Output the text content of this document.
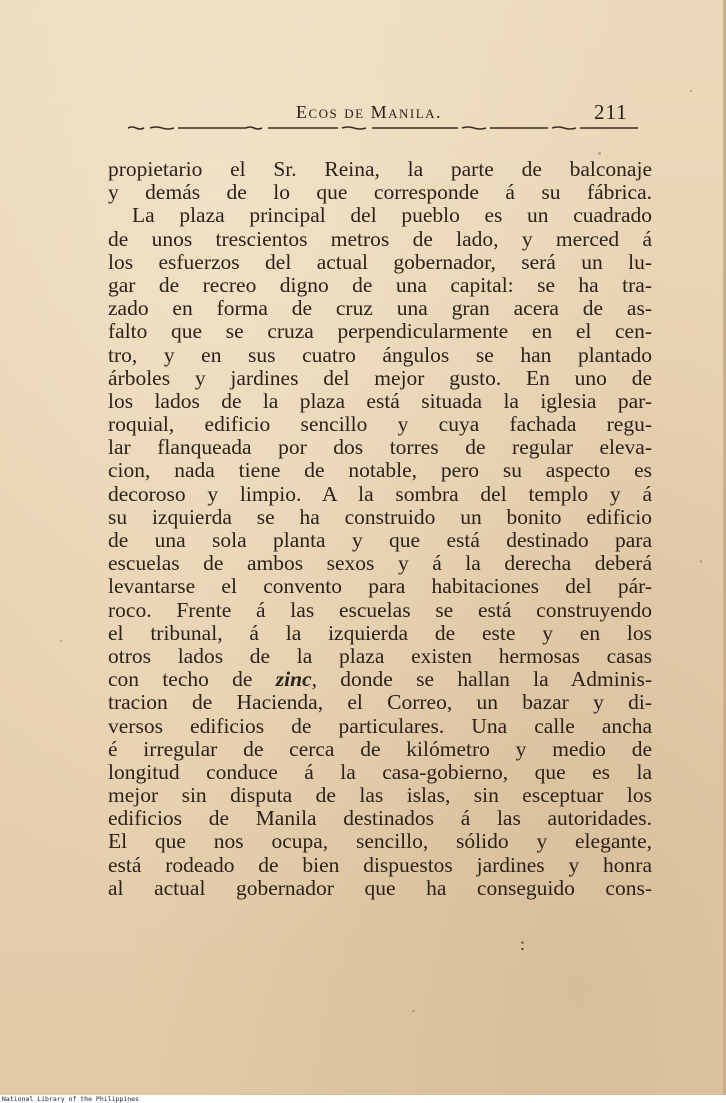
Ecos de Manila.	211
propietario el Sr. Reina, la parte de balconaje
y demás de lo que corresponde á su fábrica.
La plaza principal del pueblo es un cuadrado
de unos trescientos metros de lado, y merced á
los esfuerzos del actual gobernador, será un lu-
gar de recreo digno de una capital: se ha tra-
zado en forma de cruz una gran acera de as-
falto que se cruza perpendicularmente en el cen-
tro, y en sus cuatro ángulos se han plantado
árboles y jardines del mejor gusto. En uno de
los lados de la plaza está situada la iglesia par-
roquial, edificio sencillo y cuya fachada regu-
lar flanqueada por dos torres de regular eleva-
cion, nada tiene de notable, pero su aspecto es
decoroso y limpio. A la sombra del templo y á
su izquierda se ha construido un bonito edificio
de una sola planta y que está destinado para
escuelas de ambos sexos y á la derecha deberá
levantarse el convento para habitaciones del pár-
roco. Frente á las escuelas se está construyendo
el tribunal, á la izquierda de este y en los
otros lados de la plaza existen hermosas casas
con techo de zinc, donde se hallan la Adminis-
tracion de Hacienda, el Correo, un bazar y di-
versos edificios de particulares. Una calle ancha
é irregular de cerca de kilómetro y medio de
longitud conduce á la casa-gobierno, que es la
mejor sin disputa de las islas, sin esceptuar los
edificios de Manila destinados á las autoridades.
El que nos ocupa, sencillo, sólido y elegante,
está rodeado de bien dispuestos jardines y honra
al actual gobernador que ha conseguido cons-
:
National Library of the Philippines
